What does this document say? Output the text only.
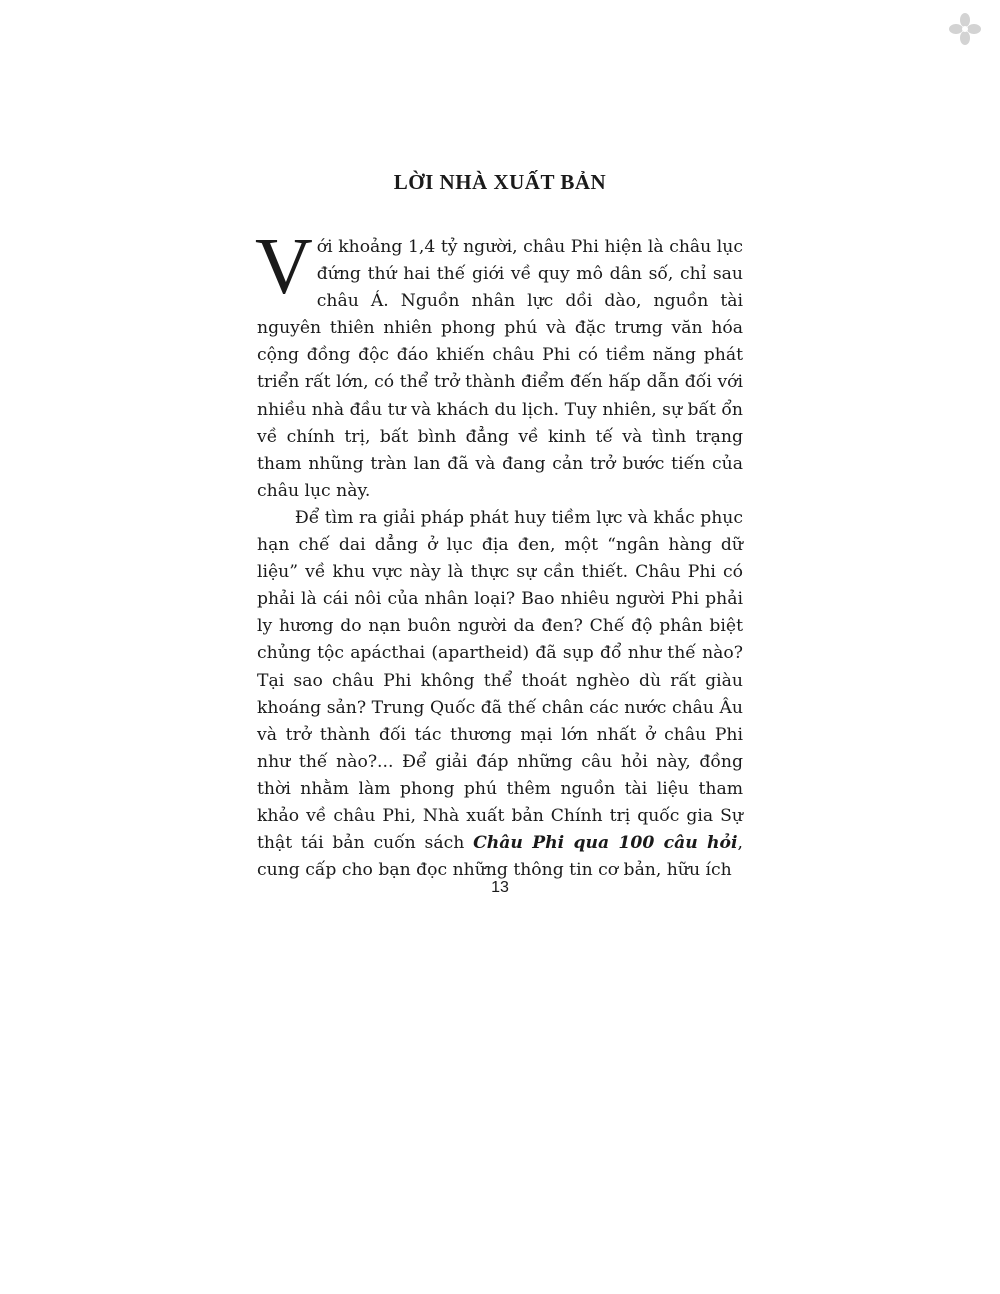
LỜI NHÀ XUẤT BẢN

Với khoảng 1,4 tỷ người, châu Phi hiện là châu lục đứng thứ hai thế giới về quy mô dân số, chỉ sau châu Á. Nguồn nhân lực dồi dào, nguồn tài nguyên thiên nhiên phong phú và đặc trưng văn hóa cộng đồng độc đáo khiến châu Phi có tiềm năng phát triển rất lớn, có thể trở thành điểm đến hấp dẫn đối với nhiều nhà đầu tư và khách du lịch. Tuy nhiên, sự bất ổn về chính trị, bất bình đẳng về kinh tế và tình trạng tham nhũng tràn lan đã và đang cản trở bước tiến của châu lục này.

Để tìm ra giải pháp phát huy tiềm lực và khắc phục hạn chế dai dẳng ở lục địa đen, một “ngân hàng dữ liệu” về khu vực này là thực sự cần thiết. Châu Phi có phải là cái nôi của nhân loại? Bao nhiêu người Phi phải ly hương do nạn buôn người da đen? Chế độ phân biệt chủng tộc apácthai (apartheid) đã sụp đổ như thế nào? Tại sao châu Phi không thể thoát nghèo dù rất giàu khoáng sản? Trung Quốc đã thế chân các nước châu Âu và trở thành đối tác thương mại lớn nhất ở châu Phi như thế nào?... Để giải đáp những câu hỏi này, đồng thời nhằm làm phong phú thêm nguồn tài liệu tham khảo về châu Phi, Nhà xuất bản Chính trị quốc gia Sự thật tái bản cuốn sách Châu Phi qua 100 câu hỏi, cung cấp cho bạn đọc những thông tin cơ bản, hữu ích

13
